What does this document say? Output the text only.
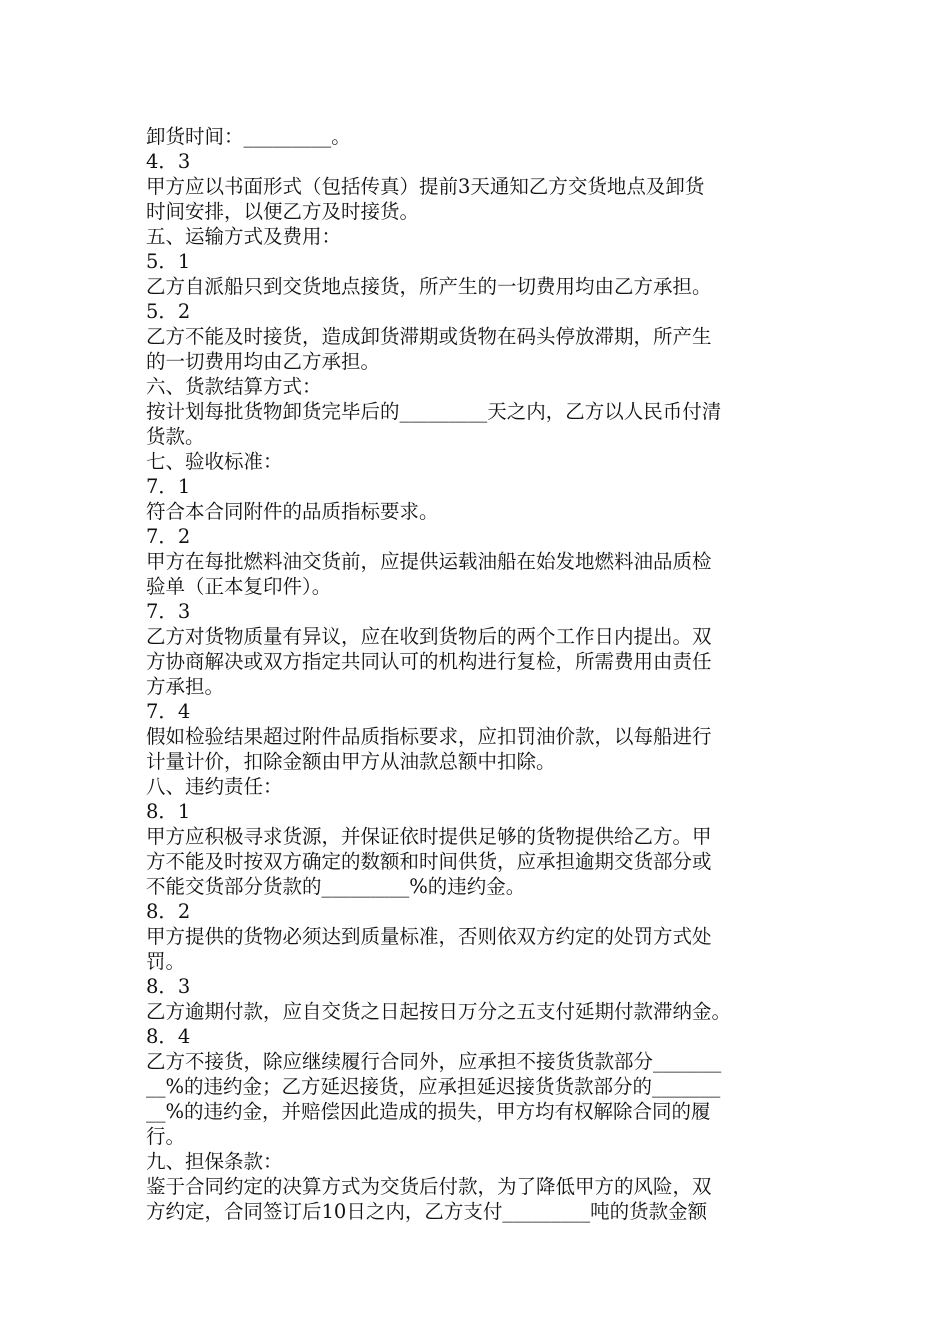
卸货时间：_________。
4．3
甲方应以书面形式（包括传真）提前3天通知乙方交货地点及卸货
时间安排，以便乙方及时接货。
五、运输方式及费用：
5．1
乙方自派船只到交货地点接货，所产生的一切费用均由乙方承担。
5．2
乙方不能及时接货，造成卸货滞期或货物在码头停放滞期，所产生
的一切费用均由乙方承担。
六、货款结算方式：
按计划每批货物卸货完毕后的_________天之内，乙方以人民币付清
货款。
七、验收标准：
7．1
符合本合同附件的品质指标要求。
7．2
甲方在每批燃料油交货前，应提供运载油船在始发地燃料油品质检
验单（正本复印件）。
7．3
乙方对货物质量有异议，应在收到货物后的两个工作日内提出。双
方协商解决或双方指定共同认可的机构进行复检，所需费用由责任
方承担。
7．4
假如检验结果超过附件品质指标要求，应扣罚油价款，以每船进行
计量计价，扣除金额由甲方从油款总额中扣除。
八、违约责任：
8．1
甲方应积极寻求货源，并保证依时提供足够的货物提供给乙方。甲
方不能及时按双方确定的数额和时间供货，应承担逾期交货部分或
不能交货部分货款的_________%的违约金。
8．2
甲方提供的货物必须达到质量标准，否则依双方约定的处罚方式处
罚。
8．3
乙方逾期付款，应自交货之日起按日万分之五支付延期付款滞纳金。
8．4
乙方不接货，除应继续履行合同外，应承担不接货货款部分_______
__%的违约金；乙方延迟接货，应承担延迟接货货款部分的_______
__%的违约金，并赔偿因此造成的损失，甲方均有权解除合同的履
行。
九、担保条款：
鉴于合同约定的决算方式为交货后付款，为了降低甲方的风险，双
方约定，合同签订后10日之内，乙方支付_________吨的货款金额
